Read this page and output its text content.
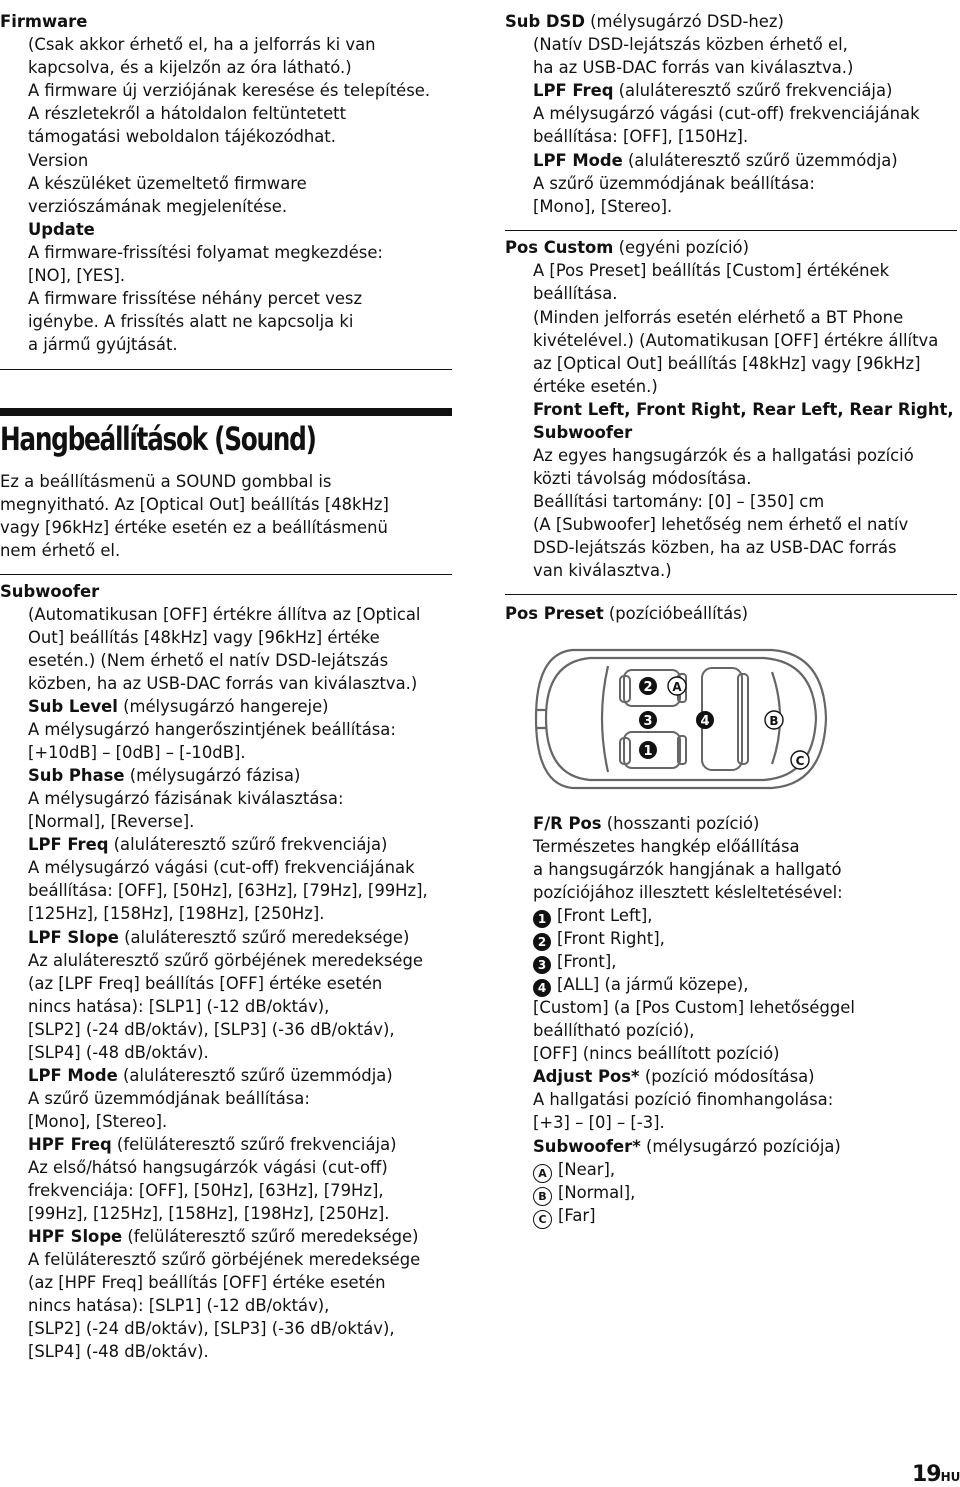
Firmware
(Csak akkor érhető el, ha a jelforrás ki van
kapcsolva, és a kijelzőn az óra látható.)
A firmware új verziójának keresése és telepítése.
A részletekről a hátoldalon feltüntetett
támogatási weboldalon tájékozódhat.
Version
A készüléket üzemeltető firmware
verziószámának megjelenítése.
Update
A firmware-frissítési folyamat megkezdése:
[NO], [YES].
A firmware frissítése néhány percet vesz
igénybe. A frissítés alatt ne kapcsolja ki
a jármű gyújtását.
Hangbeállítások (Sound)
Ez a beállításmenü a SOUND gombbal is
megnyitható. Az [Optical Out] beállítás [48kHz]
vagy [96kHz] értéke esetén ez a beállításmenü
nem érhető el.
Subwoofer
(Automatikusan [OFF] értékre állítva az [Optical
Out] beállítás [48kHz] vagy [96kHz] értéke
esetén.) (Nem érhető el natív DSD-lejátszás
közben, ha az USB-DAC forrás van kiválasztva.)
Sub Level (mélysugárzó hangereje)
A mélysugárzó hangerőszintjének beállítása:
[+10dB] – [0dB] – [-10dB].
Sub Phase (mélysugárzó fázisa)
A mélysugárzó fázisának kiválasztása:
[Normal], [Reverse].
LPF Freq (aluláteresztő szűrő frekvenciája)
A mélysugárzó vágási (cut-off) frekvenciájának
beállítása: [OFF], [50Hz], [63Hz], [79Hz], [99Hz],
[125Hz], [158Hz], [198Hz], [250Hz].
LPF Slope (aluláteresztő szűrő meredeksége)
Az aluláteresztő szűrő görbéjének meredeksége
(az [LPF Freq] beállítás [OFF] értéke esetén
nincs hatása): [SLP1] (-12 dB/oktáv),
[SLP2] (-24 dB/oktáv), [SLP3] (-36 dB/oktáv),
[SLP4] (-48 dB/oktáv).
LPF Mode (aluláteresztő szűrő üzemmódja)
A szűrő üzemmódjának beállítása:
[Mono], [Stereo].
HPF Freq (felüláteresztő szűrő frekvenciája)
Az első/hátsó hangsugárzók vágási (cut-off)
frekvenciája: [OFF], [50Hz], [63Hz], [79Hz],
[99Hz], [125Hz], [158Hz], [198Hz], [250Hz].
HPF Slope (felüláteresztő szűrő meredeksége)
A felüláteresztő szűrő görbéjének meredeksége
(az [HPF Freq] beállítás [OFF] értéke esetén
nincs hatása): [SLP1] (-12 dB/oktáv),
[SLP2] (-24 dB/oktáv), [SLP3] (-36 dB/oktáv),
[SLP4] (-48 dB/oktáv).
Sub DSD (mélysugárzó DSD-hez)
(Natív DSD-lejátszás közben érhető el,
ha az USB-DAC forrás van kiválasztva.)
LPF Freq (aluláteresztő szűrő frekvenciája)
A mélysugárzó vágási (cut-off) frekvenciájának
beállítása: [OFF], [150Hz].
LPF Mode (aluláteresztő szűrő üzemmódja)
A szűrő üzemmódjának beállítása:
[Mono], [Stereo].
Pos Custom (egyéni pozíció)
A [Pos Preset] beállítás [Custom] értékének
beállítása.
(Minden jelforrás esetén elérhető a BT Phone
kivételével.) (Automatikusan [OFF] értékre állítva
az [Optical Out] beállítás [48kHz] vagy [96kHz]
értéke esetén.)
Front Left, Front Right, Rear Left, Rear Right,
Subwoofer
Az egyes hangsugárzók és a hallgatási pozíció
közti távolság módosítása.
Beállítási tartomány: [0] – [350] cm
(A [Subwoofer] lehetőség nem érhető el natív
DSD-lejátszás közben, ha az USB-DAC forrás
van kiválasztva.)
Pos Preset (pozícióbeállítás)
F/R Pos (hosszanti pozíció)
Természetes hangkép előállítása
a hangsugárzók hangjának a hallgató
pozíciójához illesztett késleltetésével:
1 [Front Left],
2 [Front Right],
3 [Front],
4 [ALL] (a jármű közepe),
[Custom] (a [Pos Custom] lehetőséggel
beállítható pozíció),
[OFF] (nincs beállított pozíció)
Adjust Pos* (pozíció módosítása)
A hallgatási pozíció finomhangolása:
[+3] – [0] – [-3].
Subwoofer* (mélysugárzó pozíciója)
A [Near],
B [Normal],
C [Far]
2 A
3	4	B
1
C
19HU
